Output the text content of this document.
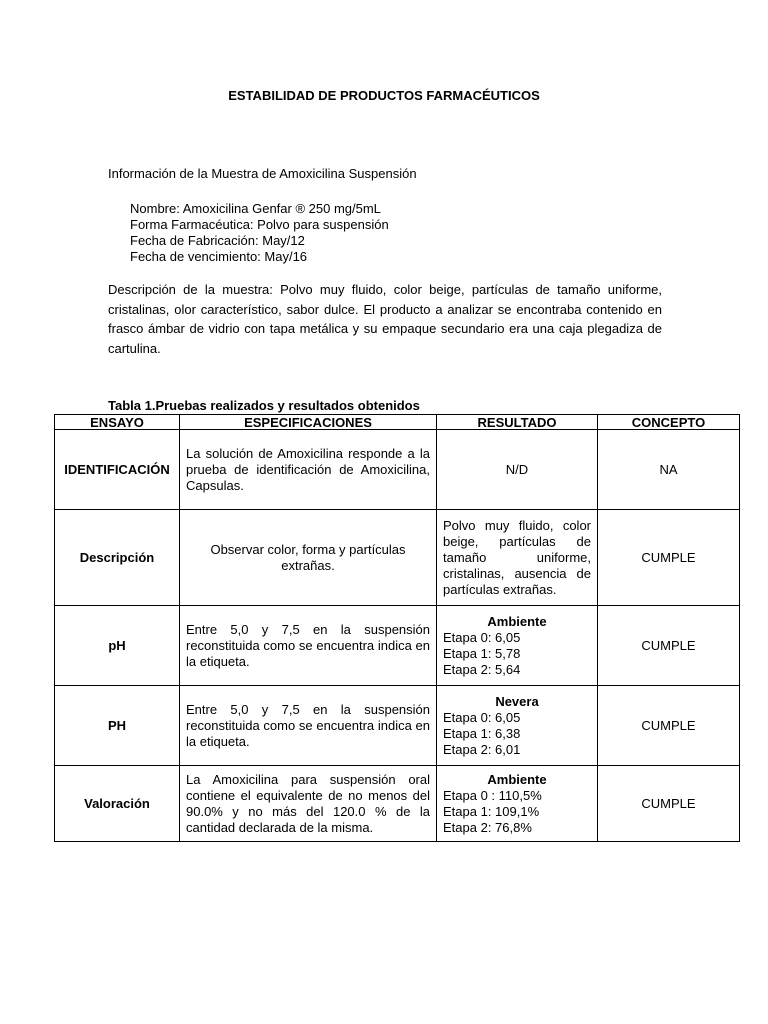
ESTABILIDAD DE PRODUCTOS FARMACÉUTICOS
Información de la Muestra de Amoxicilina Suspensión
Nombre: Amoxicilina Genfar ® 250 mg/5mL
Forma Farmacéutica: Polvo para suspensión
Fecha de Fabricación: May/12
Fecha de vencimiento: May/16
Descripción de la muestra: Polvo muy fluido, color beige, partículas de tamaño uniforme, cristalinas, olor característico, sabor dulce. El producto a analizar se encontraba contenido en frasco ámbar de vidrio con tapa metálica y su empaque secundario era una caja plegadiza de cartulina.
Tabla 1.Pruebas realizados y resultados obtenidos
ENSAYO	ESPECIFICACIONES	RESULTADO	CONCEPTO
IDENTIFICACIÓN	La solución de Amoxicilina responde a la prueba de identificación de Amoxicilina, Capsulas.	N/D	NA
Descripción	Observar color, forma y partículas extrañas.	Polvo muy fluido, color beige, partículas de tamaño uniforme, cristalinas, ausencia de partículas extrañas.	CUMPLE
pH	Entre 5,0 y 7,5 en la suspensión reconstituida como se encuentra indica en la etiqueta.	Ambiente
Etapa 0: 6,05
Etapa 1: 5,78
Etapa 2: 5,64	CUMPLE
PH	Entre 5,0 y 7,5 en la suspensión reconstituida como se encuentra indica en la etiqueta.	Nevera
Etapa 0: 6,05
Etapa 1: 6,38
Etapa 2: 6,01	CUMPLE
Valoración	La Amoxicilina para suspensión oral contiene el equivalente de no menos del 90.0% y no más del 120.0 % de la cantidad declarada de la misma.	Ambiente
Etapa 0 : 110,5%
Etapa 1: 109,1%
Etapa 2: 76,8%	CUMPLE
